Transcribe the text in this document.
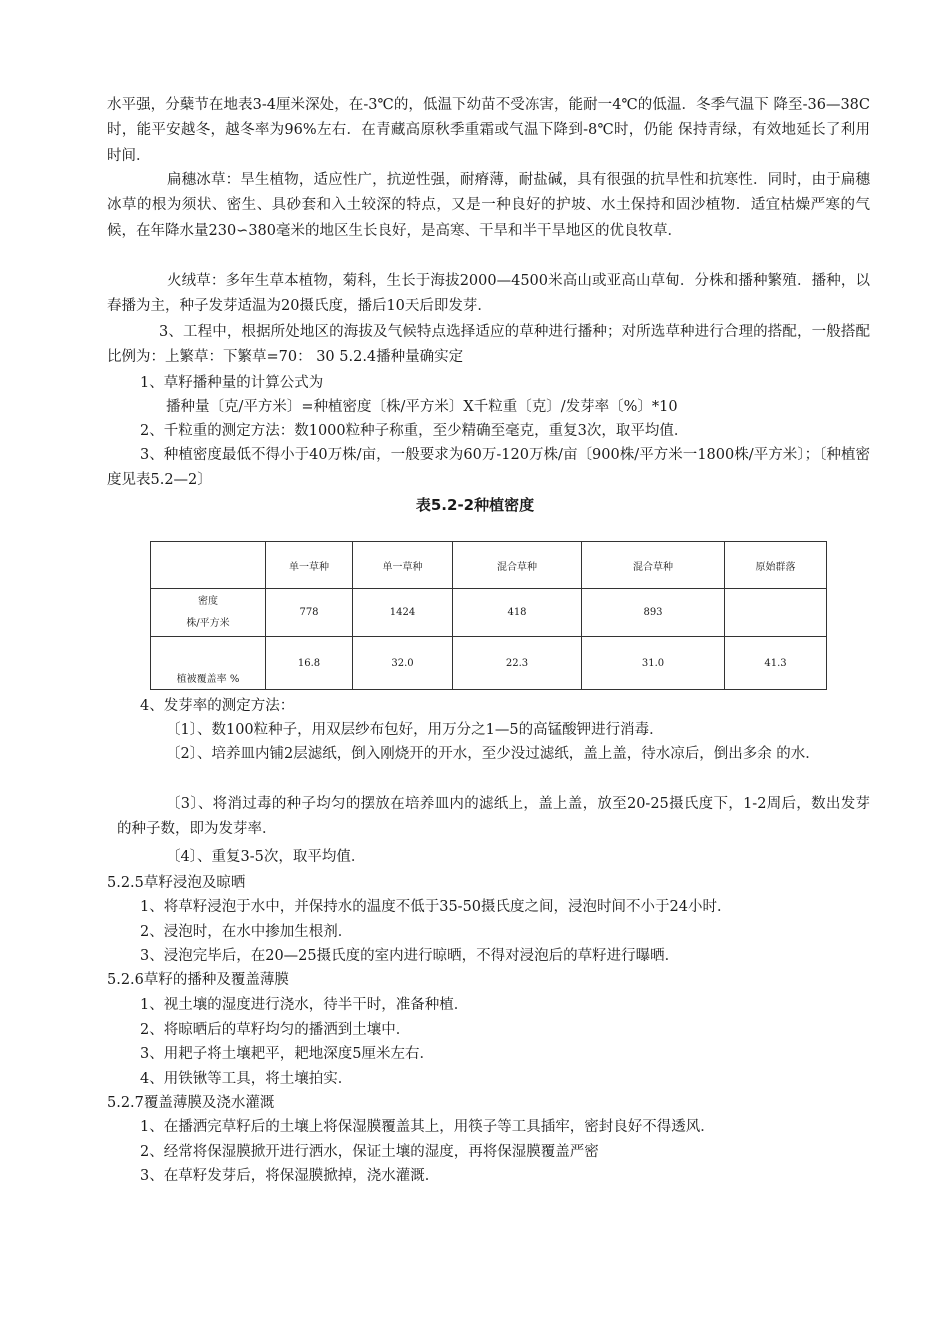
水平强，分蘖节在地表3-4厘米深处，在-3℃的，低温下幼苗不受冻害，能耐一4℃的低温．冬季气温下 降至-36—38C时，能平安越冬，越冬率为96%左右．在青藏高原秋季重霜或气温下降到-8℃时，仍能 保持青绿，有效地延长了利用时间．
扁穗冰草：旱生植物，适应性广，抗逆性强，耐瘠薄，耐盐碱，具有很强的抗旱性和抗寒性．同时，由于扁穗冰草的根为须状、密生、具砂套和入土较深的特点，又是一种良好的护坡、水土保持和固沙植物．适宜枯燥严寒的气候，在年降水量230∽380毫米的地区生长良好，是高寒、干旱和半干旱地区的优良牧草．
火绒草：多年生草本植物，菊科，生长于海拔2000—4500米高山或亚高山草甸．分株和播种繁殖．播种，以春播为主，种子发芽适温为20摄氏度，播后10天后即发芽．
3、工程中，根据所处地区的海拔及气候特点选择适应的草种进行播种；对所选草种进行合理的搭配，一般搭配比例为：上繁草：下繁草=70： 30 5.2.4播种量确实定
1、草籽播种量的计算公式为
播种量〔克/平方米〕=种植密度〔株/平方米〕X千粒重〔克〕/发芽率〔%〕*10
2、千粒重的测定方法：数1000粒种子称重，至少精确至毫克，重复3次，取平均值．
3、种植密度最低不得小于40万株/亩，一般要求为60万-120万株/亩〔900株/平方米一1800株/平方米〕；〔种植密度见表5.2—2〕
表5.2-2种植密度
	单一草种	单一草种	混合草种	混合草种	原始群落
密度
株/平方米	778	1424	418	893	
植被覆盖率 %	16.8	32.0	22.3	31.0	41.3
4、发芽率的测定方法：
〔1〕、数100粒种子，用双层纱布包好，用万分之1—5的高锰酸钾进行消毒．
〔2〕、培养皿内铺2层滤纸，倒入刚烧开的开水，至少没过滤纸，盖上盖，待水凉后，倒出多余 的水．
〔3〕、将消过毒的种子均匀的摆放在培养皿内的滤纸上，盖上盖，放至20-25摄氏度下，1-2周后，数出发芽的种子数，即为发芽率．
〔4〕、重复3-5次，取平均值．
5.2.5草籽浸泡及晾晒
1、将草籽浸泡于水中，并保持水的温度不低于35-50摄氏度之间，浸泡时间不小于24小时．
2、浸泡时，在水中掺加生根剂．
3、浸泡完毕后，在20—25摄氏度的室内进行晾晒，不得对浸泡后的草籽进行曝晒．
5.2.6草籽的播种及覆盖薄膜
1、视土壤的湿度进行浇水，待半干时，准备种植．
2、将晾晒后的草籽均匀的播洒到土壤中．
3、用耙子将土壤耙平，耙地深度5厘米左右．
4、用铁锹等工具，将土壤拍实．
5.2.7覆盖薄膜及浇水灌溉
1、在播洒完草籽后的土壤上将保湿膜覆盖其上，用筷子等工具插牢，密封良好不得透风．
2、经常将保湿膜掀开进行洒水，保证土壤的湿度，再将保湿膜覆盖严密
3、在草籽发芽后，将保湿膜掀掉，浇水灌溉．
